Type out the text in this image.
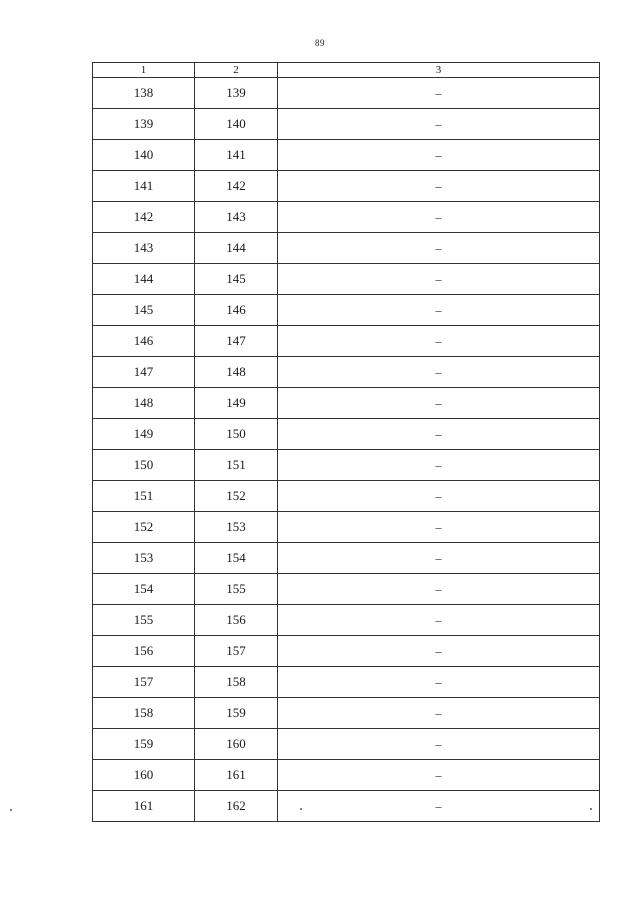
89
1	2	3
138	139	–
139	140	–
140	141	–
141	142	–
142	143	–
143	144	–
144	145	–
145	146	–
146	147	–
147	148	–
148	149	–
149	150	–
150	151	–
151	152	–
152	153	–
153	154	–
154	155	–
155	156	–
156	157	–
157	158	–
158	159	–
159	160	–
160	161	–
161	162	–
